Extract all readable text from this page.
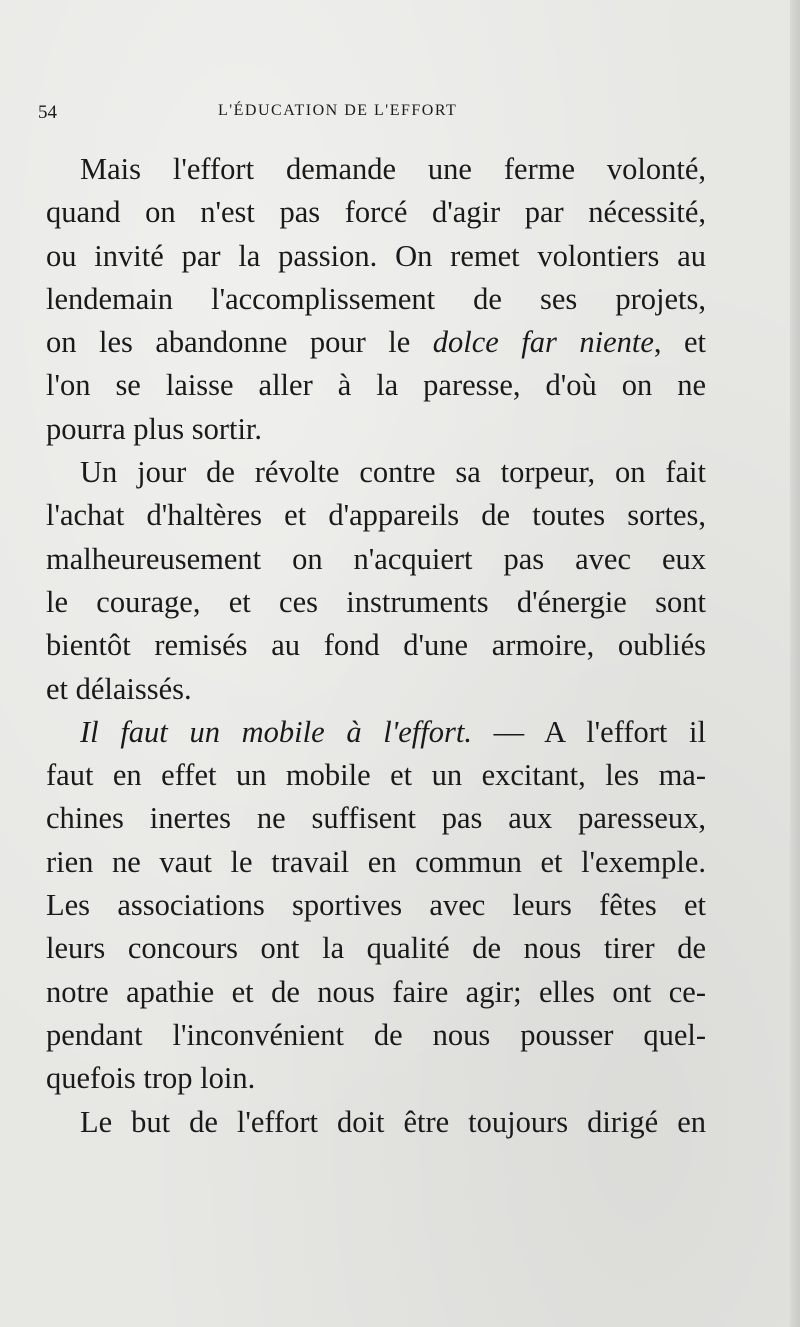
54	L'ÉDUCATION DE L'EFFORT
Mais l'effort demande une ferme volonté,
quand on n'est pas forcé d'agir par nécessité,
ou invité par la passion. On remet volontiers au
lendemain l'accomplissement de ses projets,
on les abandonne pour le dolce far niente, et
l'on se laisse aller à la paresse, d'où on ne
pourra plus sortir.
Un jour de révolte contre sa torpeur, on fait
l'achat d'haltères et d'appareils de toutes sortes,
malheureusement on n'acquiert pas avec eux
le courage, et ces instruments d'énergie sont
bientôt remisés au fond d'une armoire, oubliés
et délaissés.
Il faut un mobile à l'effort. — A l'effort il
faut en effet un mobile et un excitant, les ma-
chines inertes ne suffisent pas aux paresseux,
rien ne vaut le travail en commun et l'exemple.
Les associations sportives avec leurs fêtes et
leurs concours ont la qualité de nous tirer de
notre apathie et de nous faire agir; elles ont ce-
pendant l'inconvénient de nous pousser quel-
quefois trop loin.
Le but de l'effort doit être toujours dirigé en
